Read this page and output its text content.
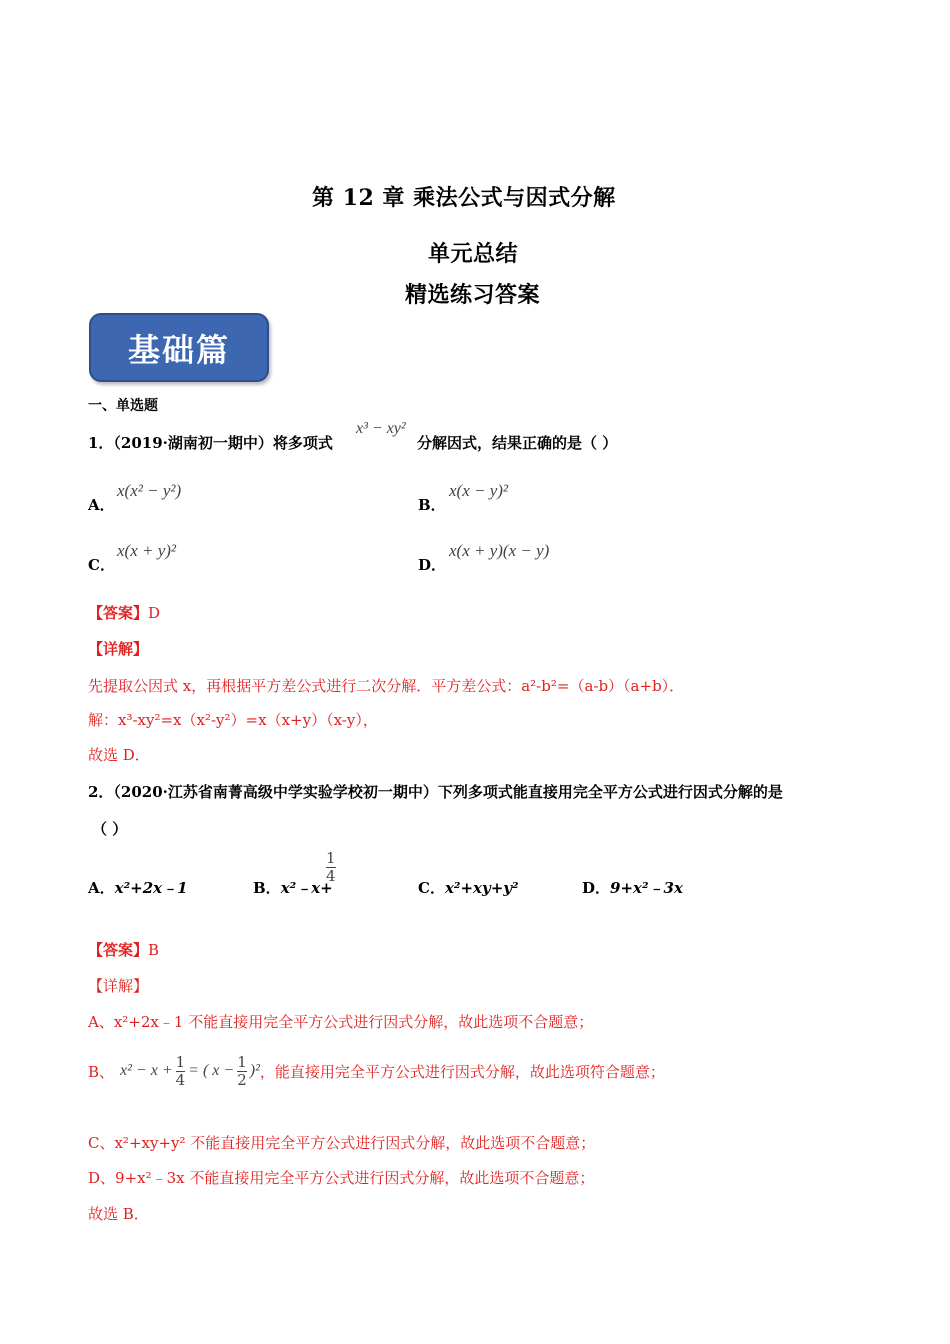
第 12 章 乘法公式与因式分解
单元总结
精选练习答案
基础篇
一、单选题
1．（2019·湖南初一期中）将多项式
x³ − xy²
分解因式，结果正确的是（ ）
A．
x(x² − y²)
B．
x(x − y)²
C．
x(x + y)²
D．
x(x + y)(x − y)
【答案】D
【详解】
先提取公因式 x，再根据平方差公式进行二次分解．平方差公式：a²-b²=（a-b）（a+b）．
解：x³-xy²=x（x²-y²）=x（x+y）（x-y），
故选 D．
2．（2020·江苏省南菁高级中学实验学校初一期中）下列多项式能直接用完全平方公式进行因式分解的是
（ ）
A．x²+2x﹣1	B．x²﹣x+
$\frac{1}{4}$
C．x²+xy+y²	D．9+x²﹣3x
【答案】B
【详解】
A、x²+2x﹣1 不能直接用完全平方公式进行因式分解，故此选项不合题意；
B、 $x^2 - x + \frac{1}{4}$ = ( $x - \frac{1}{2} )^2$ ，能直接用完全平方公式进行因式分解，故此选项符合题意；
C、x²+xy+y² 不能直接用完全平方公式进行因式分解，故此选项不合题意；
D、9+x²﹣3x 不能直接用完全平方公式进行因式分解，故此选项不合题意；
故选 B．
